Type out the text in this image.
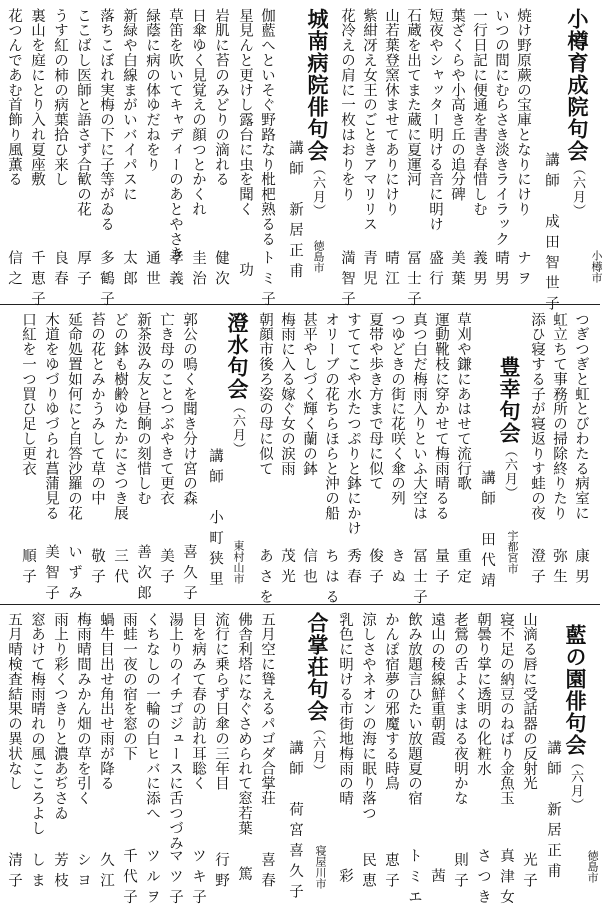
小樽育成院句会（六月）
小樽市
講師　成田智世子
焼け野原蕨の宝庫となりにけり
ナヲ
いつの間にむらさき淡きライラック
晴男
一行日記に便通を書き春惜しむ
義男
葉ざくらや小高き丘の追分碑
美葉
短夜やシャッター明ける音に明け
盛行
石蔵を出てまた蔵に夏運河
冨士子
山若葉登窯休ませてありにけり
晴江
紫紺冴え女王のごときアマリリス
青児
花冷えの肩に一枚はおりをり
満智子
城南病院俳句会（六月）
徳島市
講師　新居正甫
伽藍へといそぐ野路なり枇杷熟るる
トミ子
星見んと更けし露台に虫を聞く
功
岩肌に苔のみどりの滴れる
健次
日傘ゆく見覚えの顔つとかくれ
圭治
草笛を吹いてキャディーのあとやさき
孝義
緑蔭に病の体ゆだねをり
通世
新緑や白線まがいバイパスに
太郎
落ちこぼれ実梅の下に子等がゐる
多鶴子
ここばし医師と語さず合歓の花
厚子
うす紅の柿の病葉拾ひ来し
良春
裏山を庭にとり入れ夏座敷
千恵子
花つんであむ首飾り風薫る
信之
つぎつぎと虹とびわたる病室に
康男
虹立ちて事務所の掃除終りたり
弥生
添ひ寝する子が寝返りす蛙の夜
澄子
豊幸句会（六月）
宇都宮市
講師　田代靖
草刈や鎌にあはせて流行歌
重定
運動靴枝に穿かせて梅雨晴るる
量子
真つ白だ梅雨入りといふ大空は
冨士子
つゆどきの街に花咲く傘の列
きぬ
夏帯や歩き方まで母に似て
俊子
すててこや水たつぷりと鉢にかけ
秀春
オリーブの花ちらほらと沖の船
ちはる
甚平やしづく輝く蘭の鉢
信也
梅雨に入る嫁ぐ女の涙雨
茂光
朝顔市後ろ姿の母に似て
あさを
澄水句会（六月）
東村山市
講師　小町狭里
郭公の鳴くを聞き分け宮の森
喜久子
亡き母のことつぶやきて更衣
美子
新茶汲み友と昼餉の刻惜しむ
善次郎
どの鉢も樹齢ゆたかにさつき展
三代
苔の花とみかうみして草の中
敬子
延命処置如何にと自答沙羅の花
いずみ
木道をゆづりゆづられ菖蒲見る
美智子
口紅を一つ買ひ足し更衣
順子
藍の園俳句会（六月）
徳島市
講師　新居正甫
山滴る唇に受話器の反射光
光子
寝不足の納豆のねばり金魚玉
真津女
朝曇り掌に透明の化粧水
さつき
老鶯の舌よくまはる夜明かな
則子
遠山の稜線鮮重朝霞
茜
飲み放題言ひたい放題夏の宿
トミエ
かんぽ宿夢の邪魔する時鳥
恵子
涼しさやネオンの海に眠り落つ
民恵
乳色に明ける市街地梅雨の晴
彩
合掌荘句会（六月）
寝屋川市
講師　荷宮喜久子
五月空に聳えるパゴダ合掌荘
喜春
佛舎利塔になぐさめられて窓若葉
篤
流行に乗らず日傘の三年目
行野
目を病みて春の訪れ耳聡く
ツキ子
湯上りのイチゴジュースに舌つづみ
マツ子
くちなしの一輪の白ヒバに添へ
ツルヲ
雨蛙一夜の宿を窓の下
千代子
蝸牛目出せ角出せ雨が降る
久江
梅雨晴間みかん畑の草を引く
シヨ
雨上り彩くつきりと濃あぢさゐ
芳枝
窓あけて梅雨晴れの風こころよし
しま
五月晴検査結果の異状なし
清子
